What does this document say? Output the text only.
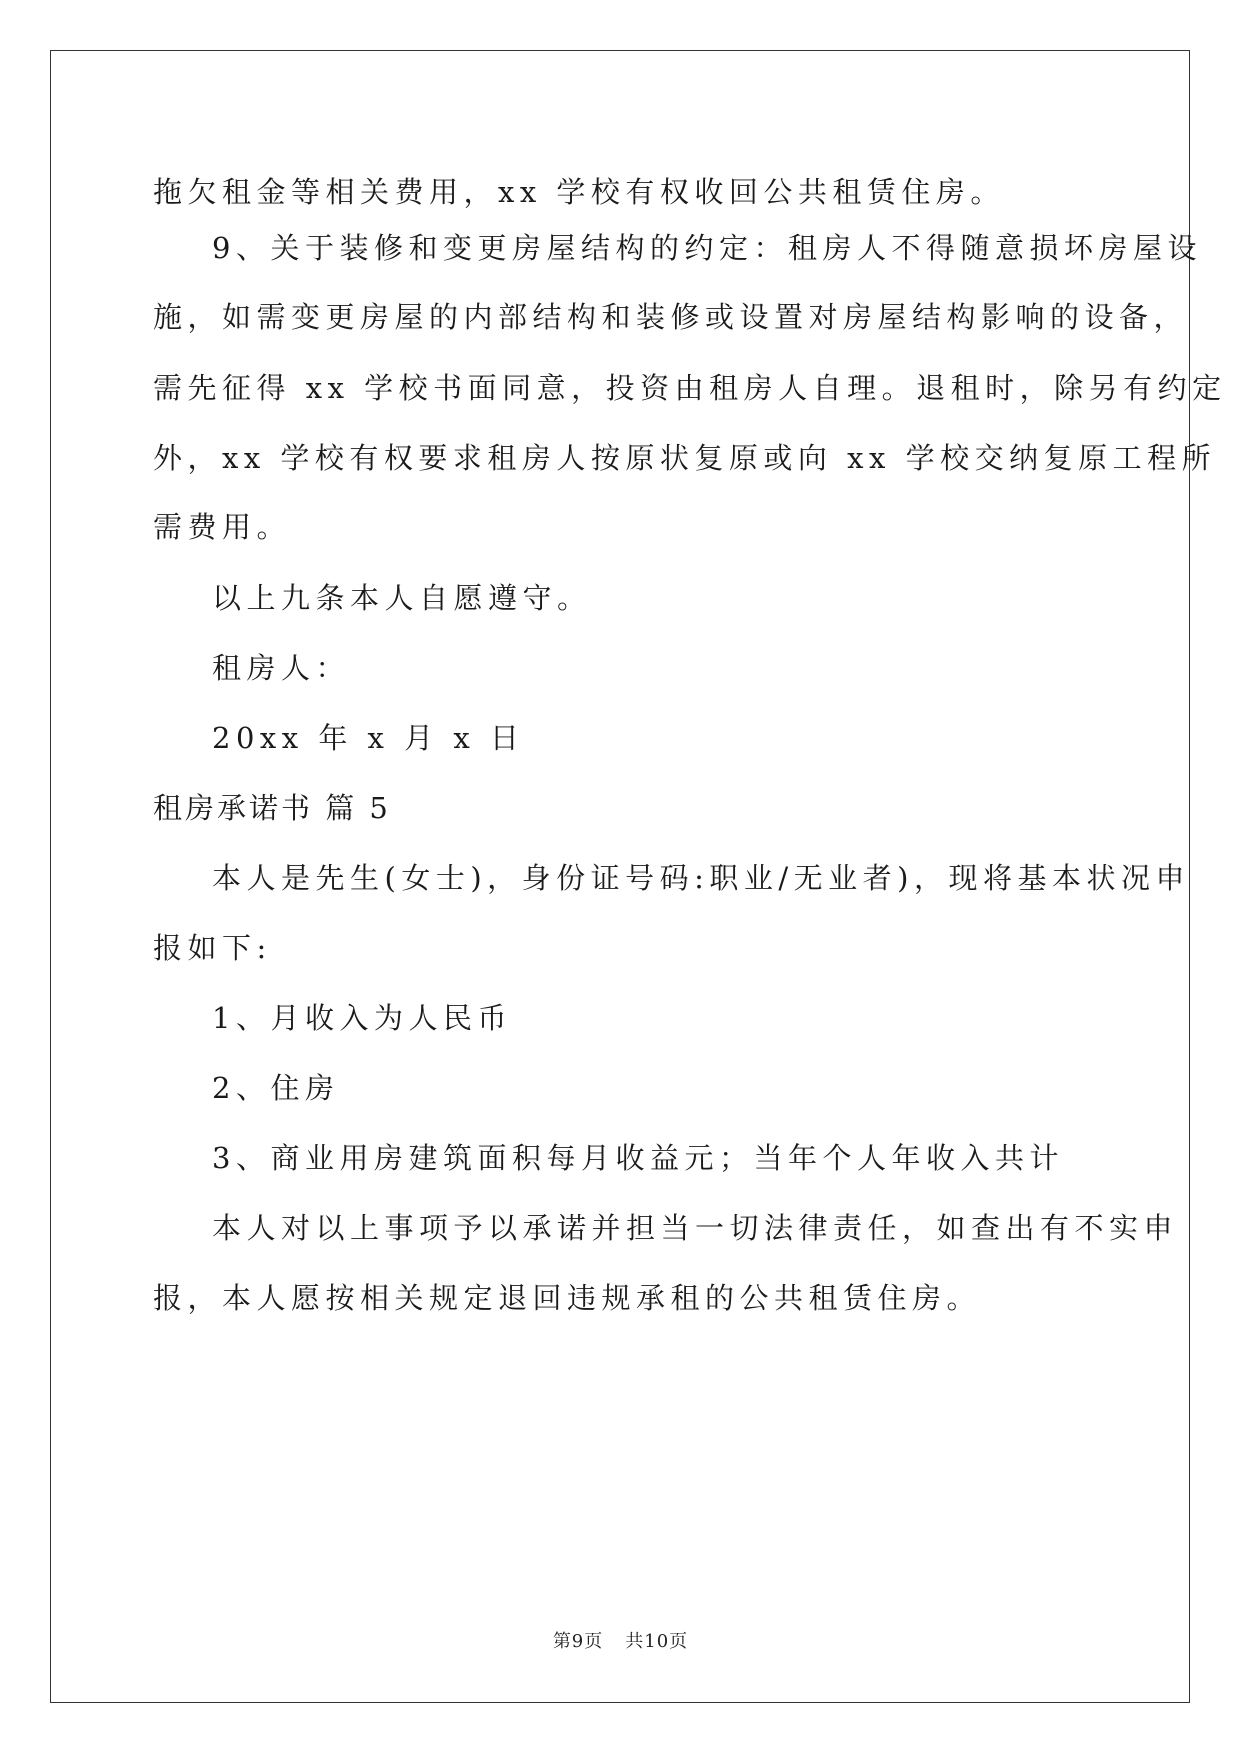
拖欠租金等相关费用，xx 学校有权收回公共租赁住房。
9、关于装修和变更房屋结构的约定：租房人不得随意损坏房屋设
施，如需变更房屋的内部结构和装修或设置对房屋结构影响的设备，
需先征得 xx 学校书面同意，投资由租房人自理。退租时，除另有约定
外，xx 学校有权要求租房人按原状复原或向 xx 学校交纳复原工程所
需费用。
以上九条本人自愿遵守。
租房人：
20xx 年 x 月 x 日
租房承诺书 篇 5
本人是先生(女士)，身份证号码:职业/无业者)，现将基本状况申
报如下:
1、月收入为人民币
2、住房
3、商业用房建筑面积每月收益元；当年个人年收入共计
本人对以上事项予以承诺并担当一切法律责任，如查出有不实申
报，本人愿按相关规定退回违规承租的公共租赁住房。
第9页 共10页
